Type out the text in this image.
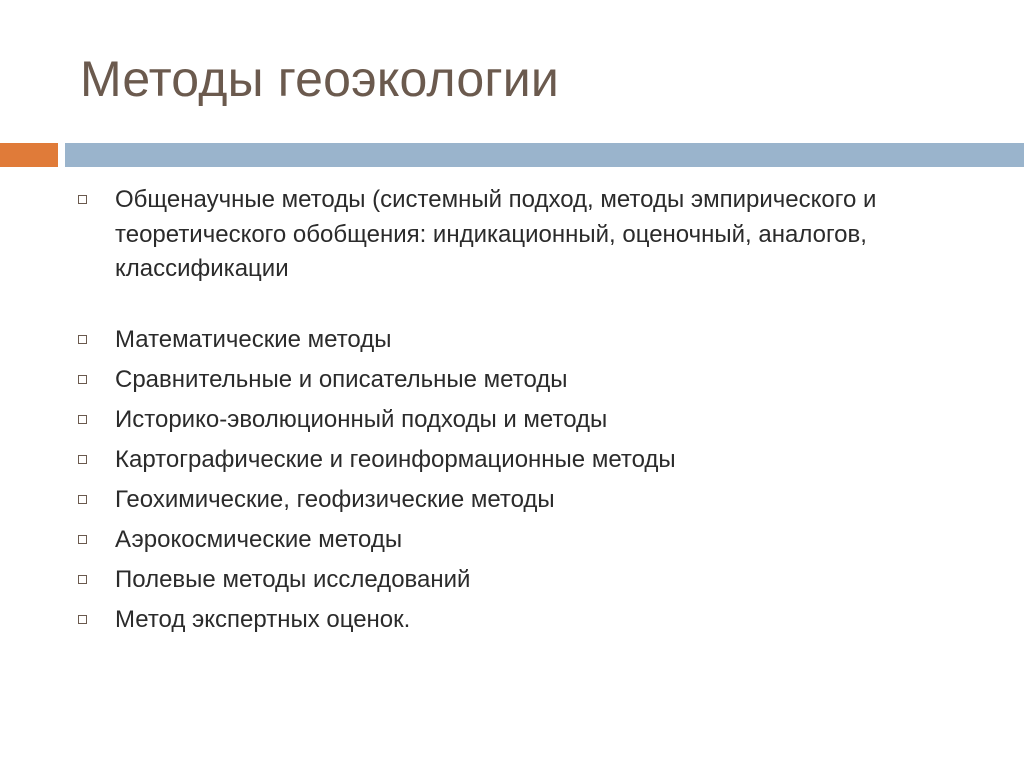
Методы геоэкологии
Общенаучные методы (системный подход, методы эмпирического и теоретического обобщения: индикационный, оценочный, аналогов, классификации
Математические методы
Сравнительные и описательные методы
Историко-эволюционный подходы и методы
Картографические и геоинформационные методы
Геохимические, геофизические методы
Аэрокосмические методы
Полевые методы исследований
Метод экспертных оценок.
